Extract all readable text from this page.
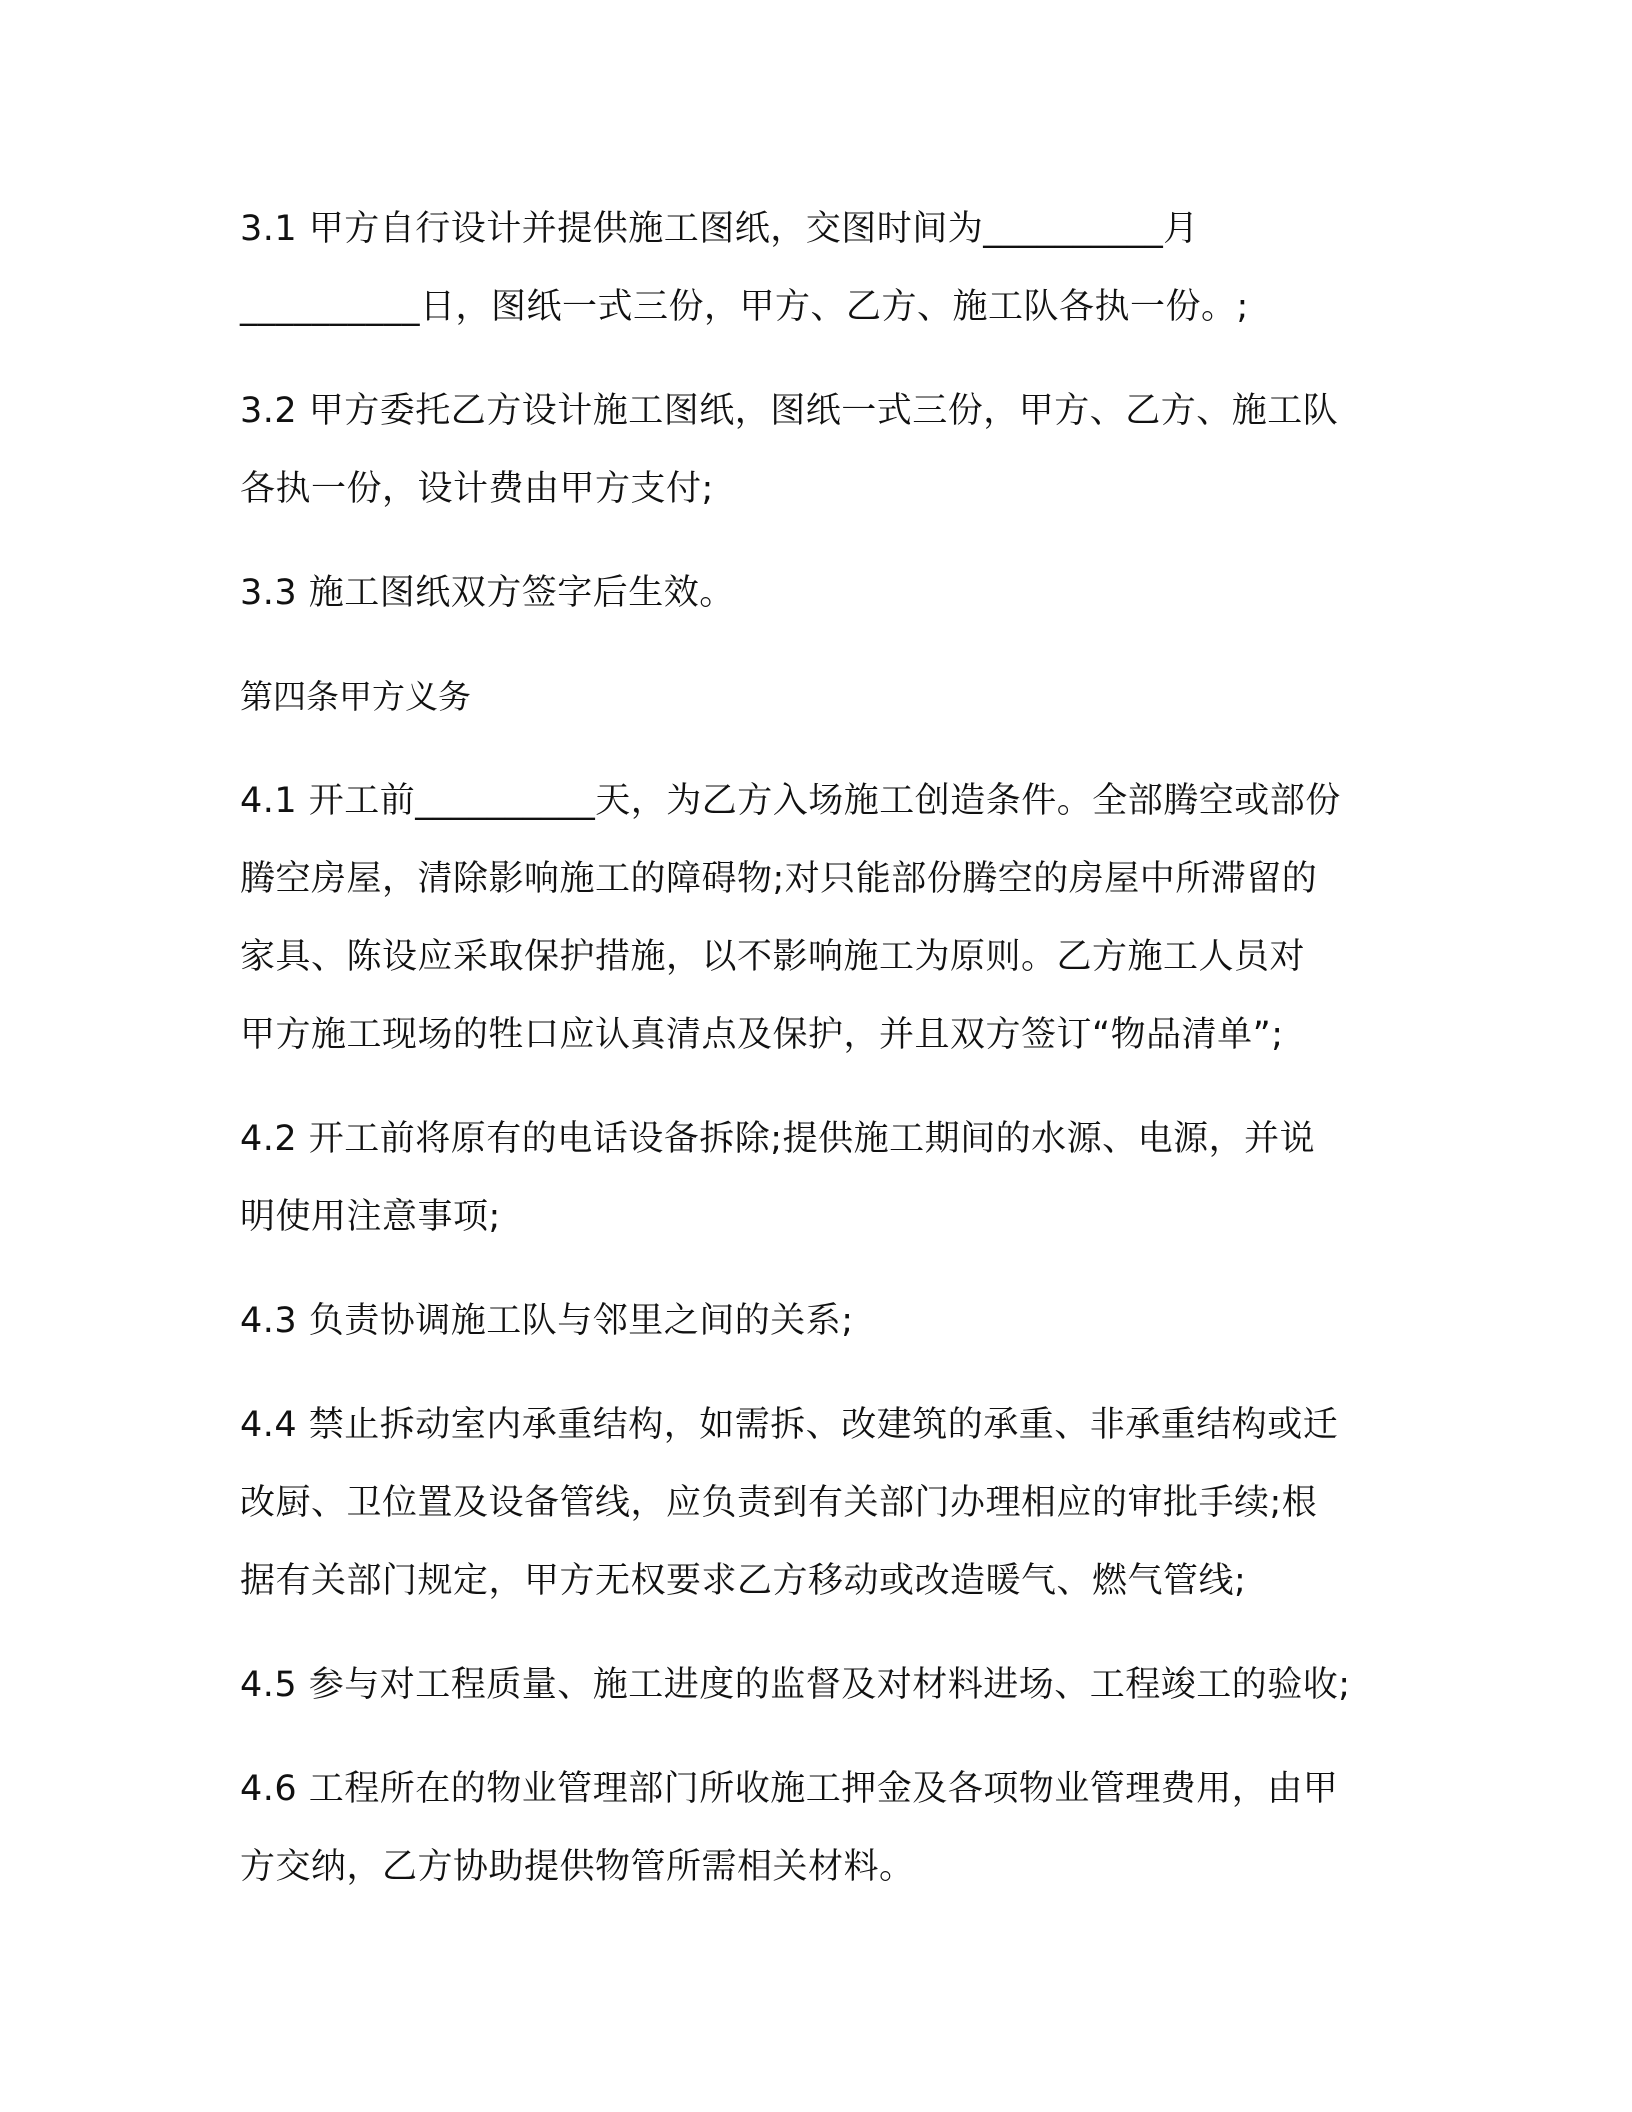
3.1 甲方自行设计并提供施工图纸，交图时间为__________月
__________日，图纸一式三份，甲方、乙方、施工队各执一份。;

3.2 甲方委托乙方设计施工图纸，图纸一式三份，甲方、乙方、施工队
各执一份，设计费由甲方支付;

3.3 施工图纸双方签字后生效。

第四条甲方义务

4.1 开工前__________天，为乙方入场施工创造条件。全部腾空或部份
腾空房屋，清除影响施工的障碍物;对只能部份腾空的房屋中所滞留的
家具、陈设应采取保护措施，以不影响施工为原则。乙方施工人员对
甲方施工现场的牲口应认真清点及保护，并且双方签订“物品清单”;

4.2 开工前将原有的电话设备拆除;提供施工期间的水源、电源，并说
明使用注意事项;

4.3 负责协调施工队与邻里之间的关系;

4.4 禁止拆动室内承重结构，如需拆、改建筑的承重、非承重结构或迁
改厨、卫位置及设备管线，应负责到有关部门办理相应的审批手续;根
据有关部门规定，甲方无权要求乙方移动或改造暖气、燃气管线;

4.5 参与对工程质量、施工进度的监督及对材料进场、工程竣工的验收;

4.6 工程所在的物业管理部门所收施工押金及各项物业管理费用，由甲
方交纳，乙方协助提供物管所需相关材料。
